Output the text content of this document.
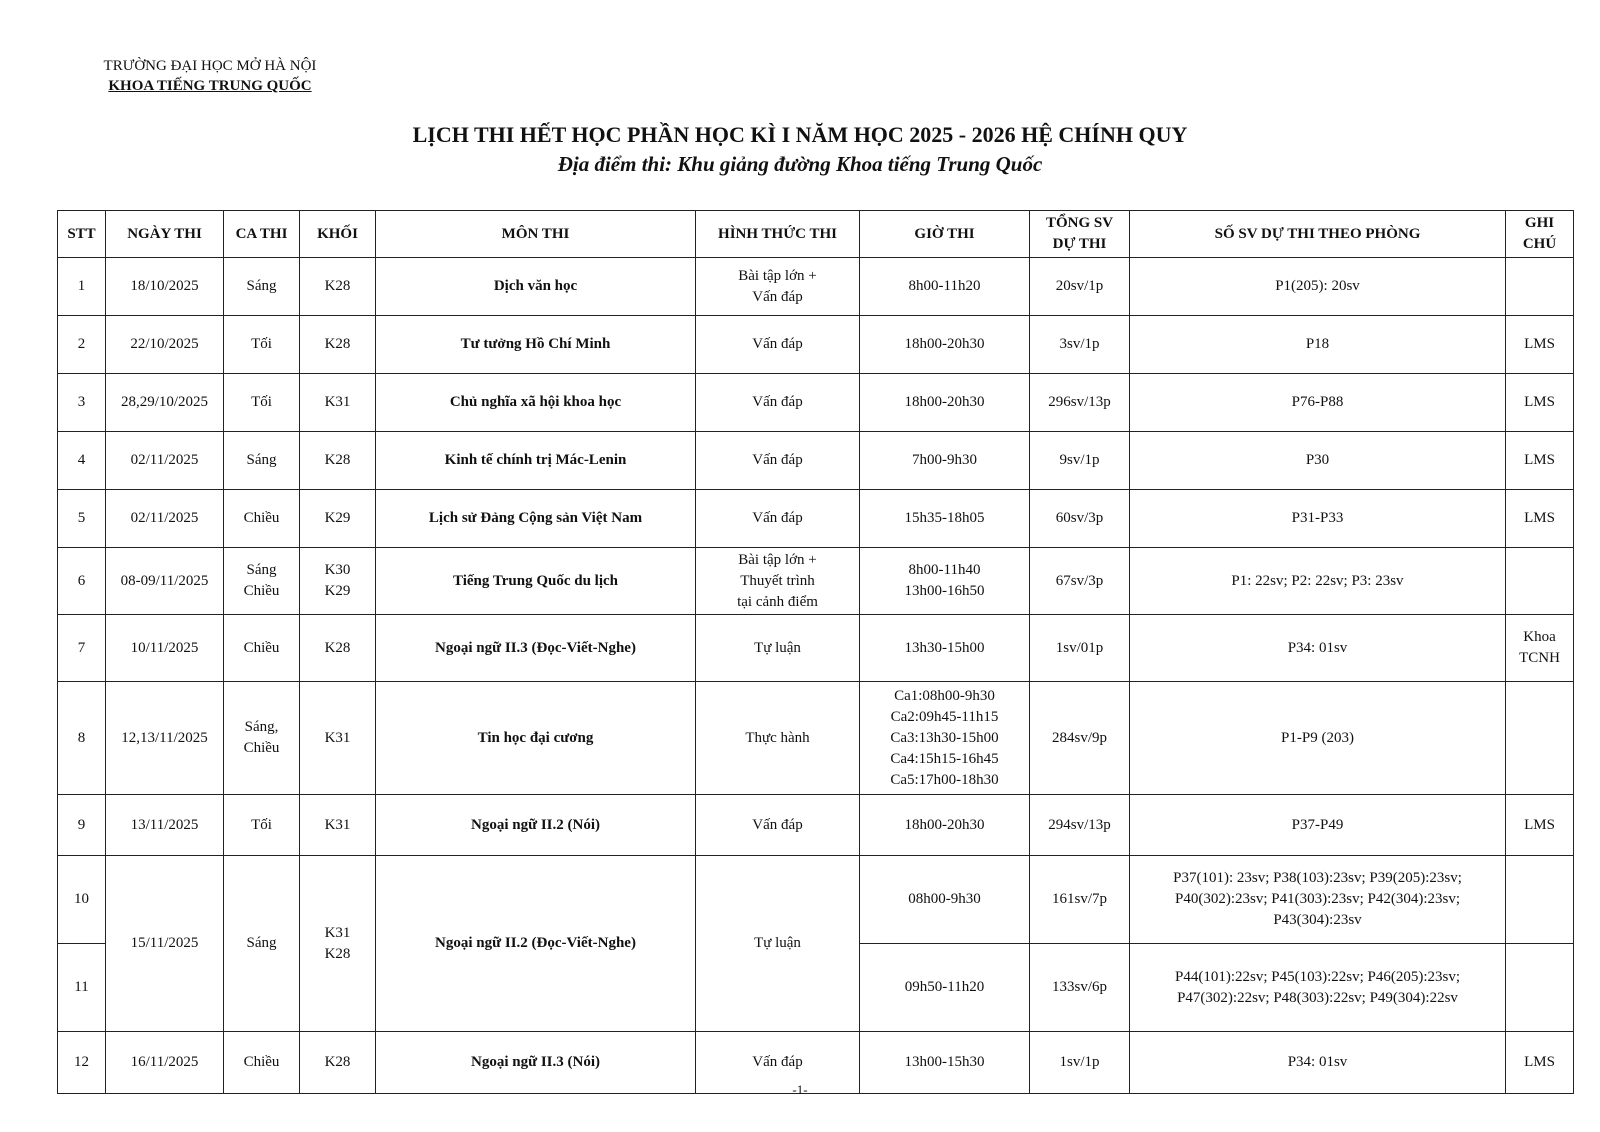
TRƯỜNG ĐẠI HỌC MỞ HÀ NỘI
KHOA TIẾNG TRUNG QUỐC
LỊCH THI HẾT HỌC PHẦN HỌC KÌ I NĂM HỌC 2025 - 2026 HỆ CHÍNH QUY
Địa điểm thi: Khu giảng đường Khoa tiếng Trung Quốc
STT	NGÀY THI	CA THI	KHỐI	MÔN THI	HÌNH THỨC THI	GIỜ THI	TỔNG SV
DỰ THI	SỐ SV DỰ THI THEO PHÒNG	GHI
CHÚ
1	18/10/2025	Sáng	K28	Dịch văn học	Bài tập lớn +
Vấn đáp	8h00-11h20	20sv/1p	P1(205): 20sv	
2	22/10/2025	Tối	K28	Tư tưởng Hồ Chí Minh	Vấn đáp	18h00-20h30	3sv/1p	P18	LMS
3	28,29/10/2025	Tối	K31	Chủ nghĩa xã hội khoa học	Vấn đáp	18h00-20h30	296sv/13p	P76-P88	LMS
4	02/11/2025	Sáng	K28	Kinh tế chính trị Mác-Lenin	Vấn đáp	7h00-9h30	9sv/1p	P30	LMS
5	02/11/2025	Chiều	K29	Lịch sử Đảng Cộng sản Việt Nam	Vấn đáp	15h35-18h05	60sv/3p	P31-P33	LMS
6	08-09/11/2025	Sáng
Chiều	K30
K29	Tiếng Trung Quốc du lịch	Bài tập lớn +
Thuyết trình
tại cảnh điểm	8h00-11h40
13h00-16h50	67sv/3p	P1: 22sv; P2: 22sv; P3: 23sv	
7	10/11/2025	Chiều	K28	Ngoại ngữ II.3 (Đọc-Viết-Nghe)	Tự luận	13h30-15h00	1sv/01p	P34: 01sv	Khoa
TCNH
8	12,13/11/2025	Sáng,
Chiều	K31	Tin học đại cương	Thực hành	Ca1:08h00-9h30
Ca2:09h45-11h15
Ca3:13h30-15h00
Ca4:15h15-16h45
Ca5:17h00-18h30	284sv/9p	P1-P9 (203)	
9	13/11/2025	Tối	K31	Ngoại ngữ II.2 (Nói)	Vấn đáp	18h00-20h30	294sv/13p	P37-P49	LMS
10	15/11/2025	Sáng	K31
K28	Ngoại ngữ II.2 (Đọc-Viết-Nghe)	Tự luận	08h00-9h30	161sv/7p	P37(101): 23sv; P38(103):23sv; P39(205):23sv;
P40(302):23sv; P41(303):23sv; P42(304):23sv;
P43(304):23sv	
11						09h50-11h20	133sv/6p	P44(101):22sv; P45(103):22sv; P46(205):23sv;
P47(302):22sv; P48(303):22sv; P49(304):22sv	
12	16/11/2025	Chiều	K28	Ngoại ngữ II.3 (Nói)	Vấn đáp	13h00-15h30	1sv/1p	P34: 01sv	LMS
-1-
